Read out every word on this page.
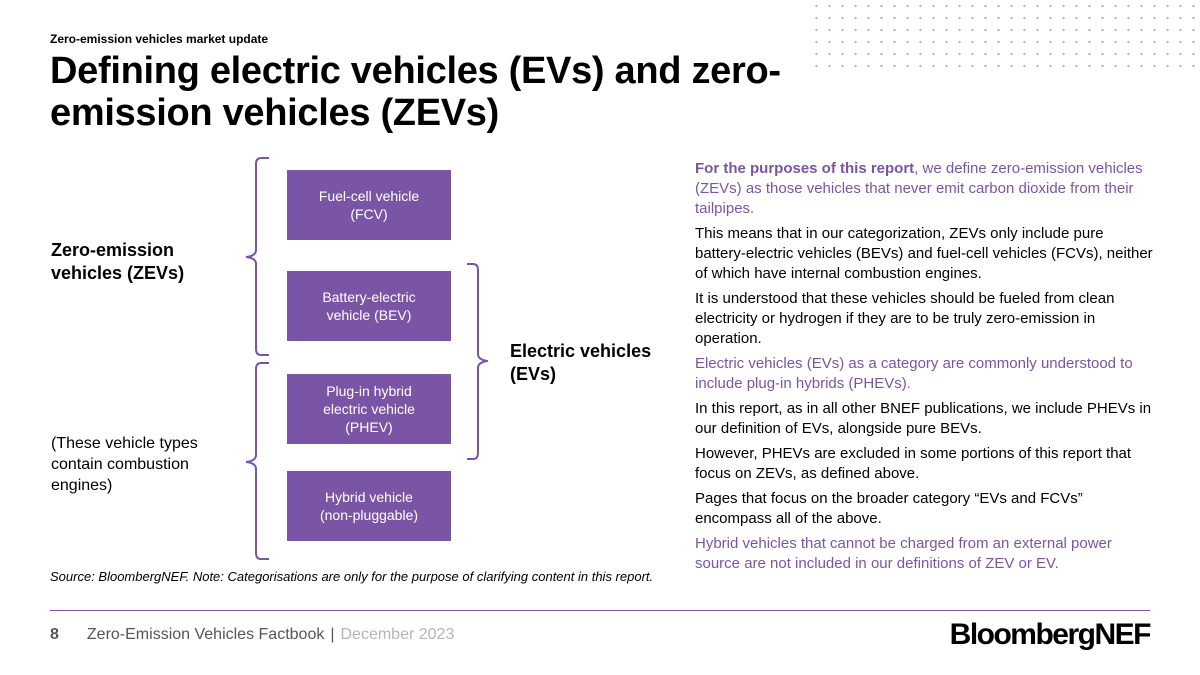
Zero-emission vehicles market update
Defining electric vehicles (EVs) and zero-emission vehicles (ZEVs)
Fuel-cell vehicle
(FCV)
Battery-electric
vehicle (BEV)
Plug-in hybrid
electric vehicle
(PHEV)
Hybrid vehicle
(non-pluggable)
Zero-emission
vehicles (ZEVs)
Electric vehicles
(EVs)
(These vehicle types contain combustion engines)

For the purposes of this report, we define zero-emission vehicles (ZEVs) as those vehicles that never emit carbon dioxide from their tailpipes.

This means that in our categorization, ZEVs only include pure battery-electric vehicles (BEVs) and fuel-cell vehicles (FCVs), neither of which have internal combustion engines.

It is understood that these vehicles should be fueled from clean electricity or hydrogen if they are to be truly zero-emission in operation.

Electric vehicles (EVs) as a category are commonly understood to include plug-in hybrids (PHEVs).

In this report, as in all other BNEF publications, we include PHEVs in our definition of EVs, alongside pure BEVs.

However, PHEVs are excluded in some portions of this report that focus on ZEVs, as defined above.

Pages that focus on the broader category “EVs and FCVs” encompass all of the above.

Hybrid vehicles that cannot be charged from an external power source are not included in our definitions of ZEV or EV.

Source: BloombergNEF. Note: Categorisations are only for the purpose of clarifying content in this report.
8 Zero-Emission Vehicles Factbook | December 2023	BloombergNEF
